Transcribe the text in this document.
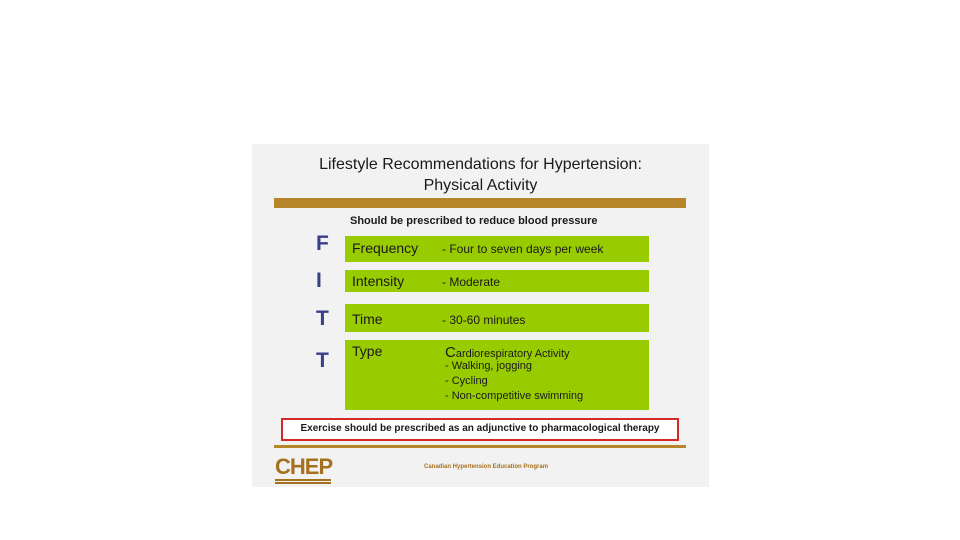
Lifestyle Recommendations for Hypertension:
Physical Activity
Should be prescribed to reduce blood pressure
F	Frequency - Four to seven days per week
I	Intensity	- Moderate
T	Time	- 30-60 minutes
T	Type	Cardiorespiratory Activity
- Walking, jogging
- Cycling
- Non-competitive swimming
Exercise should be prescribed as an adjunctive to pharmacological therapy
CHEP	Canadian Hypertension Education Program
